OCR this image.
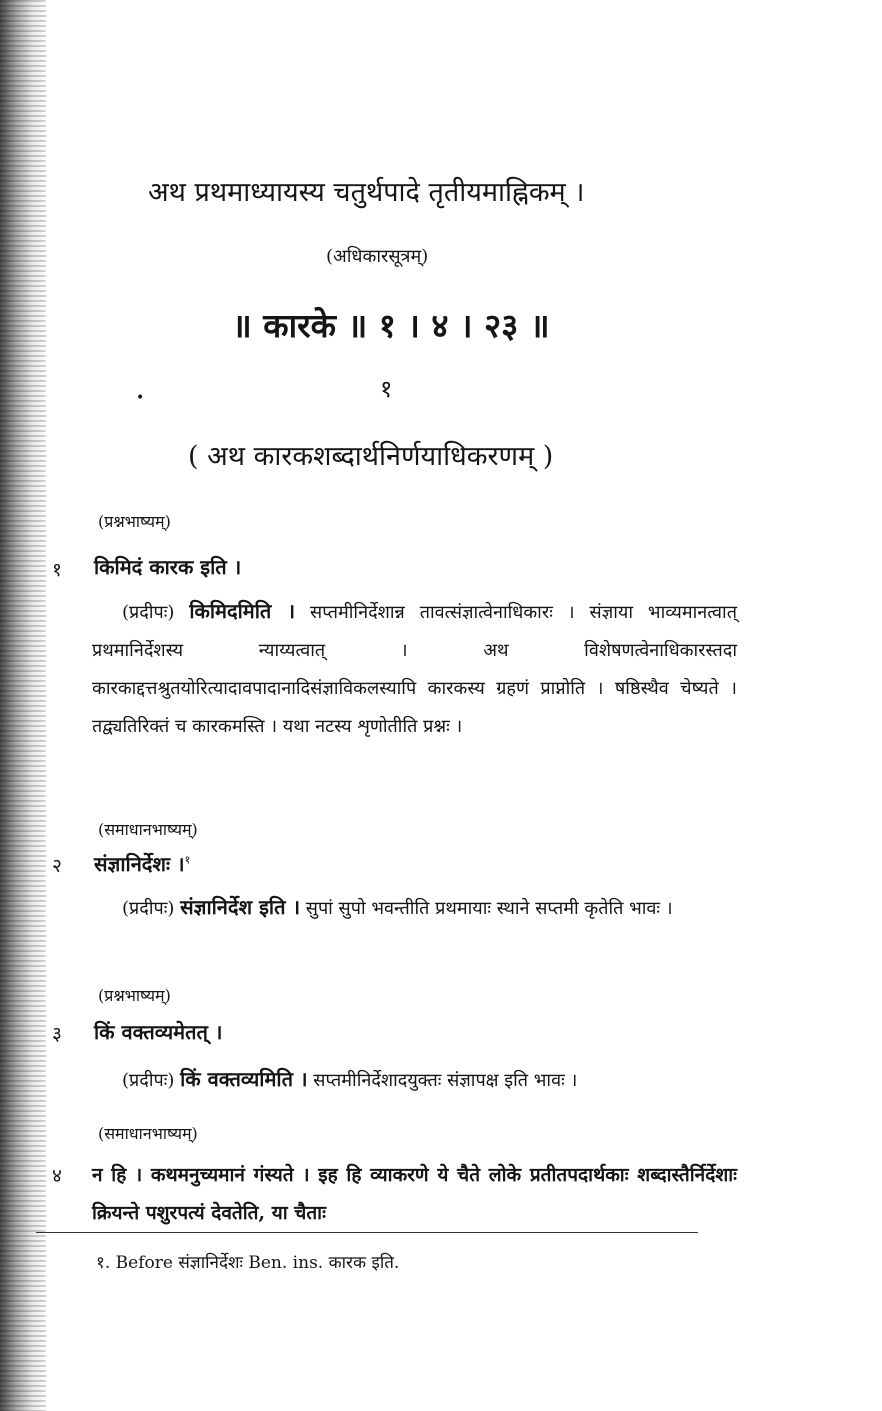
अथ प्रथमाध्यायस्य चतुर्थपादे तृतीयमाह्निकम् ।
(अधिकारसूत्रम्)
॥ कारके ॥ १ । ४ । २३ ॥
१
•
( अथ कारकशब्दार्थनिर्णयाधिकरणम् )
(प्रश्नभाष्यम्)
१ किमिदं कारक इति ।
(प्रदीपः) किमिदमिति । सप्तमीनिर्देशान्न तावत्संज्ञात्वेनाधिकारः । संज्ञाया भाव्यमानत्वात् प्रथमानिर्देशस्य न्याय्यत्वात् । अथ विशेषणत्वेनाधिकारस्तदा कारकाद्दत्तश्रुतयोरित्यादावपादानादिसंज्ञाविकलस्यापि कारकस्य ग्रहणं प्राप्नोति । षष्ठिस्थैव चेष्यते । तद्व्यतिरिक्तं च कारकमस्ति । यथा नटस्य शृणोतीति प्रश्नः ।
(समाधानभाष्यम्)
२ संज्ञानिर्देशः ।$^१$
(प्रदीपः) संज्ञानिर्देश इति । सुपां सुपो भवन्तीति प्रथमायाः स्थाने सप्तमी कृतेति भावः ।
(प्रश्नभाष्यम्)
३ किं वक्तव्यमेतत् ।
(प्रदीपः) किं वक्तव्यमिति । सप्तमीनिर्देशादयुक्तः संज्ञापक्ष इति भावः ।
(समाधानभाष्यम्)
४ न हि । कथमनुच्यमानं गंस्यते । इह हि व्याकरणे ये चैते लोके प्रतीतपदार्थकाः शब्दास्तैर्निर्देशाः क्रियन्ते पशुरपत्यं देवतेति, या चैताः
१. Before संज्ञानिर्देशः Ben. ins. कारक इति.
